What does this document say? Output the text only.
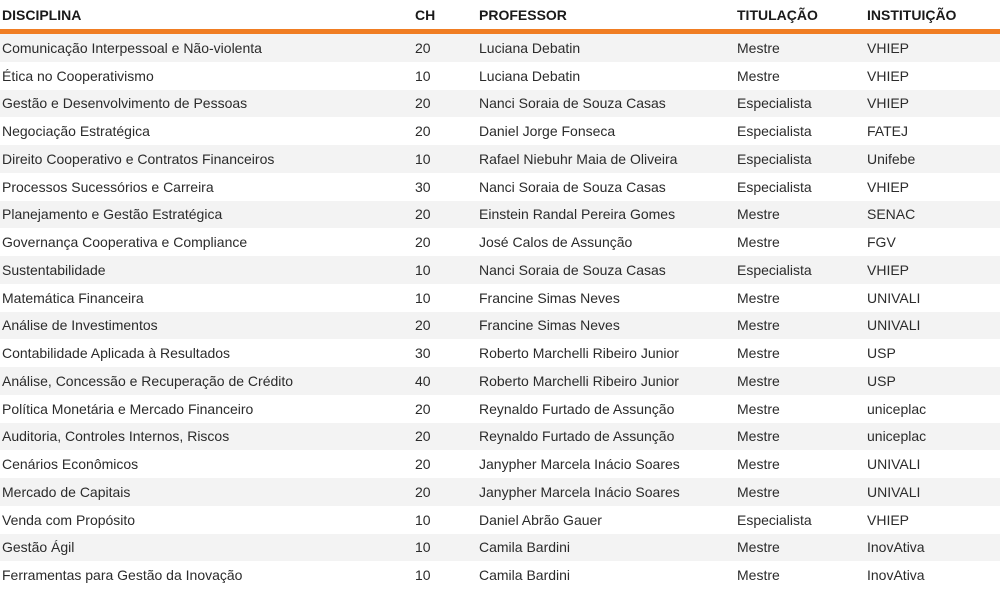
DISCIPLINA	CH	PROFESSOR	TITULAÇÃO	INSTITUIÇÃO
Comunicação Interpessoal e Não-violenta	20	Luciana Debatin	Mestre	VHIEP
Ética no Cooperativismo	10	Luciana Debatin	Mestre	VHIEP
Gestão e Desenvolvimento de Pessoas	20	Nanci Soraia de Souza Casas	Especialista	VHIEP
Negociação Estratégica	20	Daniel Jorge Fonseca	Especialista	FATEJ
Direito Cooperativo e Contratos Financeiros	10	Rafael Niebuhr Maia de Oliveira	Especialista	Unifebe
Processos Sucessórios e Carreira	30	Nanci Soraia de Souza Casas	Especialista	VHIEP
Planejamento e Gestão Estratégica	20	Einstein Randal Pereira Gomes	Mestre	SENAC
Governança Cooperativa e Compliance	20	José Calos de Assunção	Mestre	FGV
Sustentabilidade	10	Nanci Soraia de Souza Casas	Especialista	VHIEP
Matemática Financeira	10	Francine Simas Neves	Mestre	UNIVALI
Análise de Investimentos	20	Francine Simas Neves	Mestre	UNIVALI
Contabilidade Aplicada à Resultados	30	Roberto Marchelli Ribeiro Junior	Mestre	USP
Análise, Concessão e Recuperação de Crédito	40	Roberto Marchelli Ribeiro Junior	Mestre	USP
Política Monetária e Mercado Financeiro	20	Reynaldo Furtado de Assunção	Mestre	uniceplac
Auditoria, Controles Internos, Riscos	20	Reynaldo Furtado de Assunção	Mestre	uniceplac
Cenários Econômicos	20	Janypher Marcela Inácio Soares	Mestre	UNIVALI
Mercado de Capitais	20	Janypher Marcela Inácio Soares	Mestre	UNIVALI
Venda com Propósito	10	Daniel Abrão Gauer	Especialista	VHIEP
Gestão Ágil	10	Camila Bardini	Mestre	InovAtiva
Ferramentas para Gestão da Inovação	10	Camila Bardini	Mestre	InovAtiva
